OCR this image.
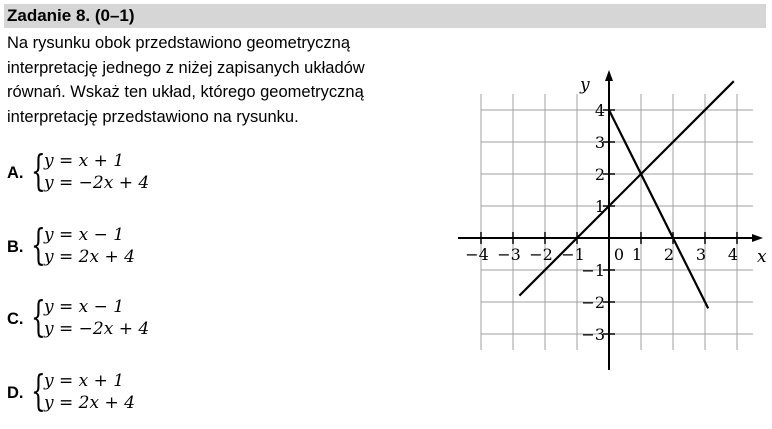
Zadanie 8. (0–1)
Na rysunku obok przedstawiono geometryczną
interpretację jednego z niżej zapisanych układów
równań. Wskaż ten układ, którego geometryczną
interpretację przedstawiono na rysunku.
A. {
y = x + 1
y = −2x + 4
B. {
y = x − 1
y = 2x + 4
C. {
y = x − 1
y = −2x + 4
D. {
y = x + 1
y = 2x + 4
−4 −3 −2 −1 0 1 2 3 4
4
3
2
1
−1
−2
−3
x
y
